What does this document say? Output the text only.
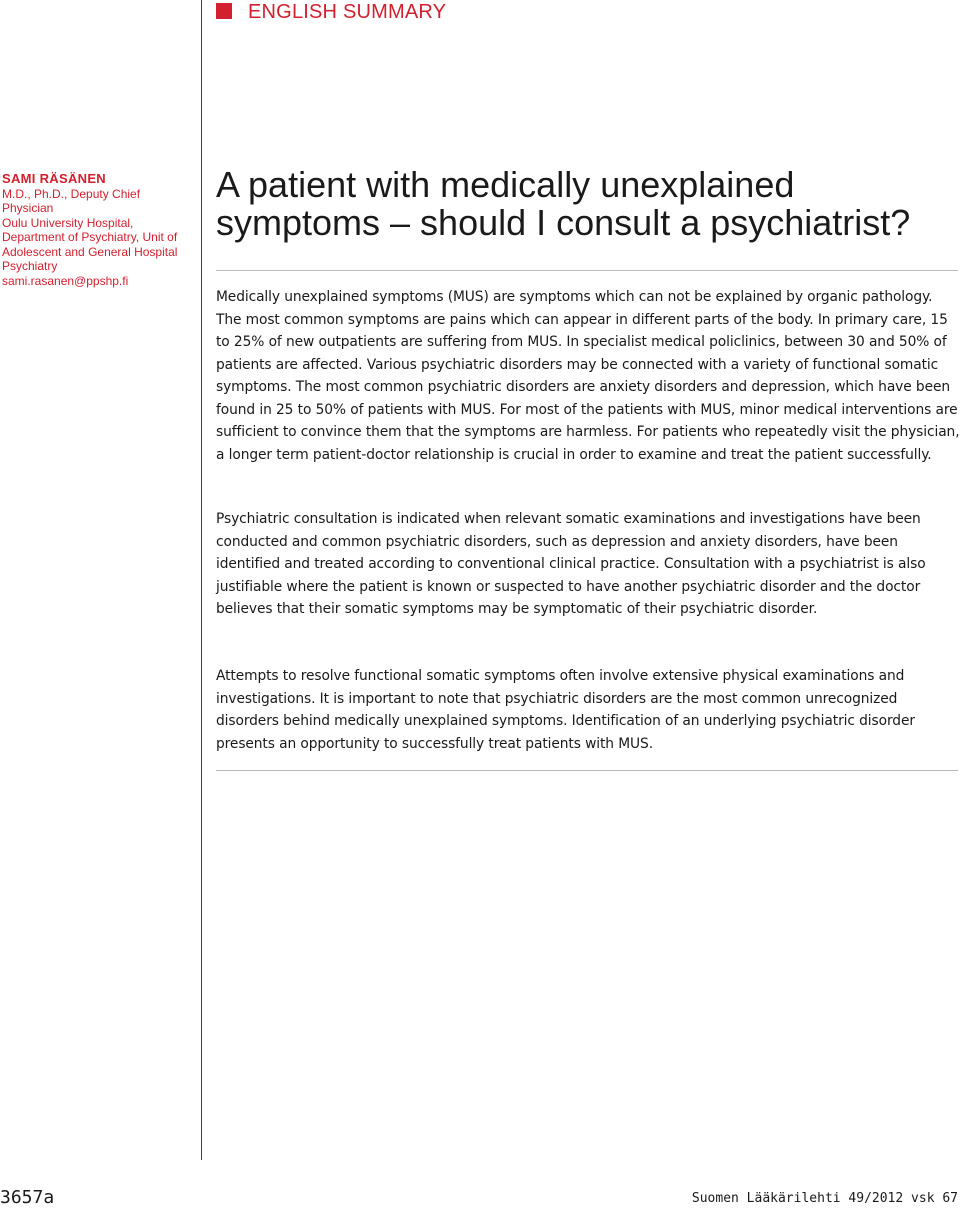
ENGLISH SUMMARY
SAMI RÄSÄNEN
M.D., Ph.D., Deputy Chief Physician
Oulu University Hospital, Department of Psychiatry, Unit of Adolescent and General Hospital Psychiatry
sami.rasanen@ppshp.fi
A patient with medically unexplained symptoms – should I consult a psychiatrist?

Medically unexplained symptoms (MUS) are symptoms which can not be explained by organic pathology. The most common symptoms are pains which can appear in different parts of the body. In primary care, 15 to 25% of new outpatients are suffering from MUS. In specialist medical policlinics, between 30 and 50% of patients are affected. Various psychiatric disorders may be connected with a variety of functional somatic symptoms. The most common psychiatric disorders are anxiety disorders and depression, which have been found in 25 to 50% of patients with MUS. For most of the patients with MUS, minor medical interventions are sufficient to convince them that the symptoms are harmless. For patients who repeatedly visit the physician, a longer term patient-doctor relationship is crucial in order to examine and treat the patient successfully.

Psychiatric consultation is indicated when relevant somatic examinations and investigations have been conducted and common psychiatric disorders, such as depression and anxiety disorders, have been identified and treated according to conventional clinical practice. Consultation with a psychiatrist is also justifiable where the patient is known or suspected to have another psychiatric disorder and the doctor believes that their somatic symptoms may be symptomatic of their psychiatric disorder.

Attempts to resolve functional somatic symptoms often involve extensive physical examinations and investigations. It is important to note that psychiatric disorders are the most common unrecognized disorders behind medically unexplained symptoms. Identification of an underlying psychiatric disorder presents an opportunity to successfully treat patients with MUS.

3657a	Suomen Lääkärilehti 49/2012 vsk 67
